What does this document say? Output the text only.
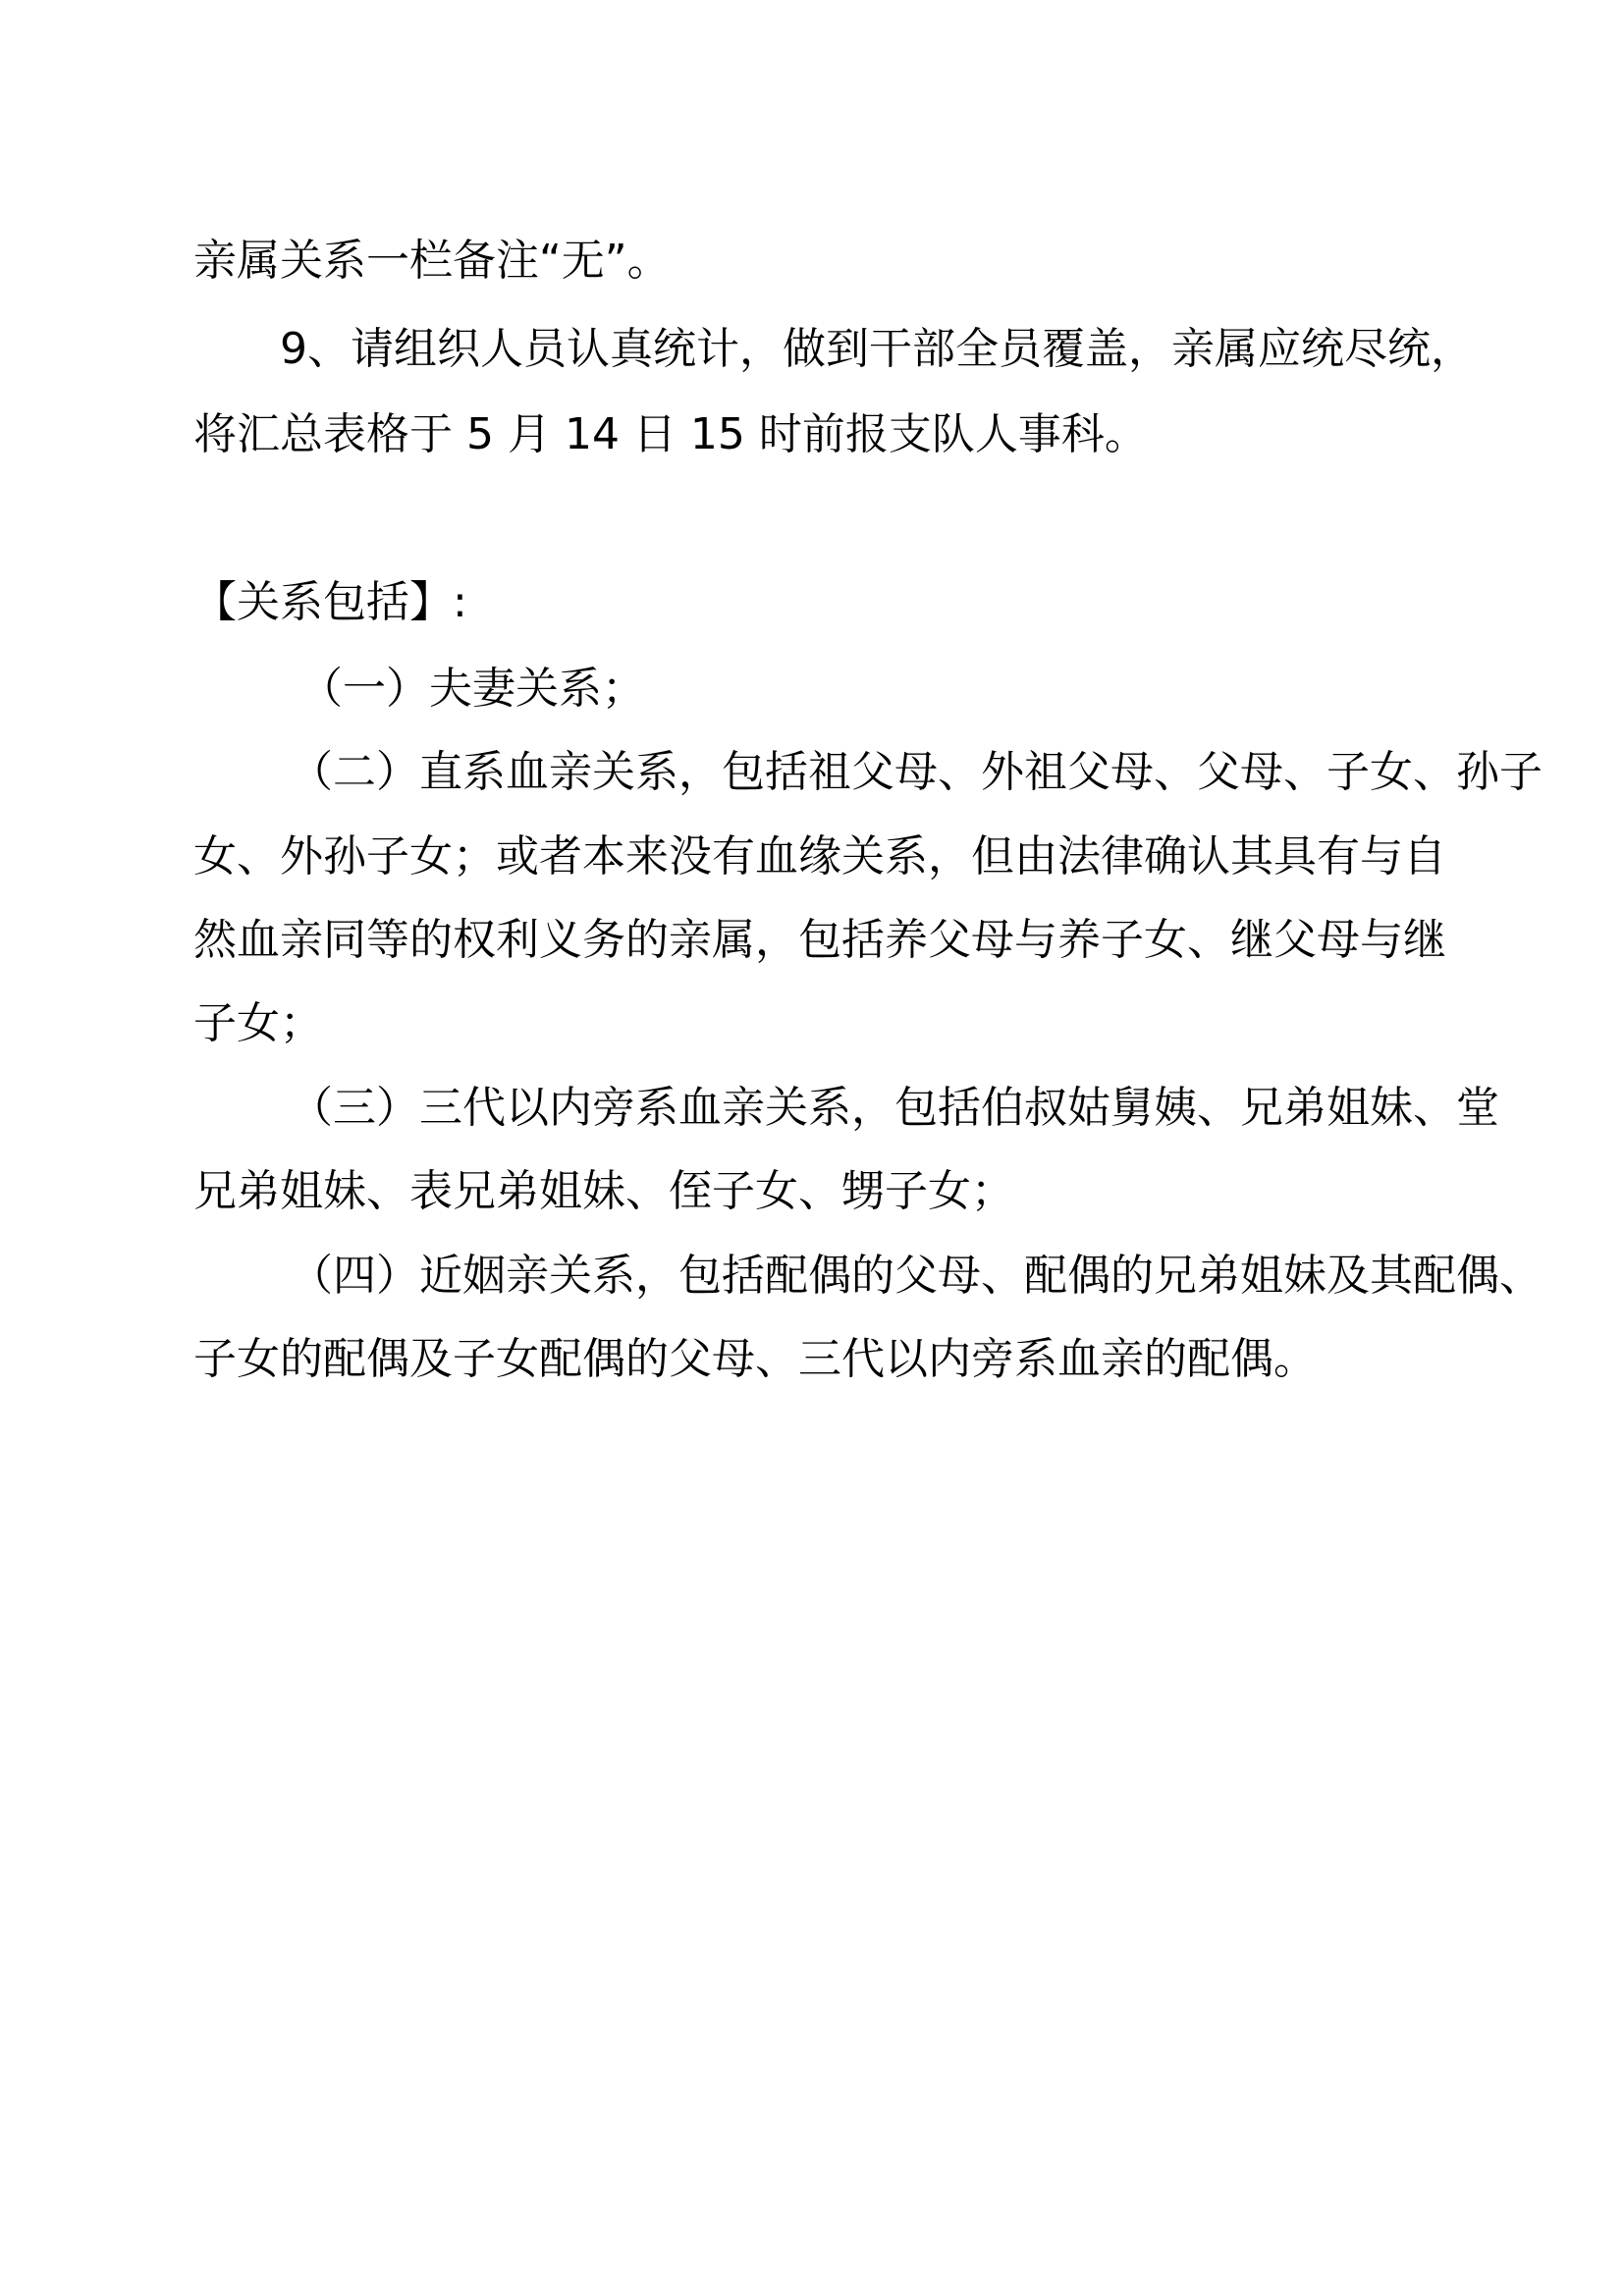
亲属关系一栏备注“无”。
9、请组织人员认真统计，做到干部全员覆盖，亲属应统尽统，
将汇总表格于 5 月 14 日 15 时前报支队人事科。
【关系包括】:
（一）夫妻关系；
（二）直系血亲关系，包括祖父母、外祖父母、父母、子女、孙子
女、外孙子女；或者本来没有血缘关系，但由法律确认其具有与自
然血亲同等的权利义务的亲属，包括养父母与养子女、继父母与继
子女；
（三）三代以内旁系血亲关系，包括伯叔姑舅姨、兄弟姐妹、堂
兄弟姐妹、表兄弟姐妹、侄子女、甥子女；
（四）近姻亲关系，包括配偶的父母、配偶的兄弟姐妹及其配偶、
子女的配偶及子女配偶的父母、三代以内旁系血亲的配偶。
